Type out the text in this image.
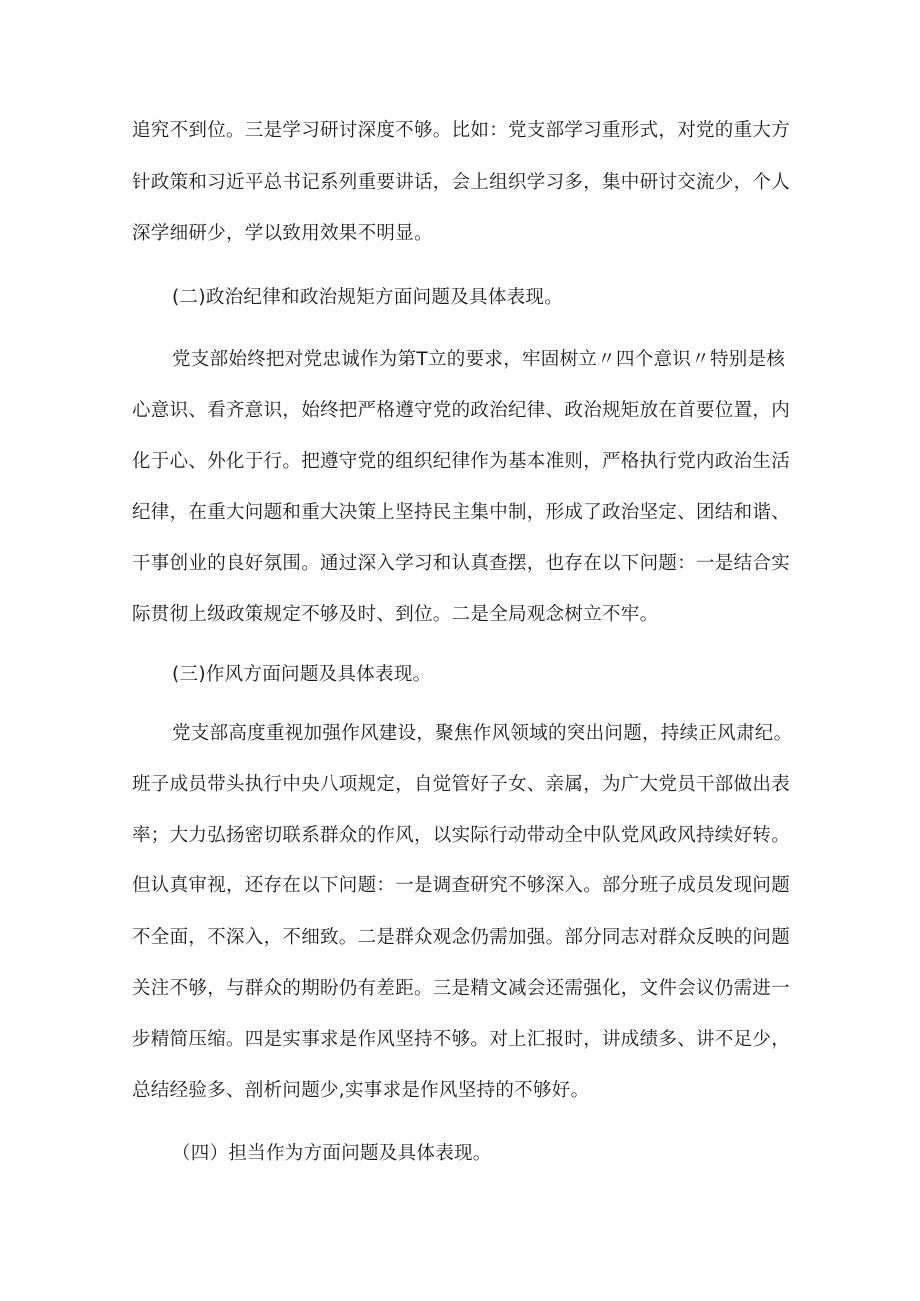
追究不到位。三是学习研讨深度不够。比如：党支部学习重形式，对党的重大方
针政策和习近平总书记系列重要讲话，会上组织学习多，集中研讨交流少，个人
深学细研少，学以致用效果不明显。
(二)政治纪律和政治规矩方面问题及具体表现。
党支部始终把对党忠诚作为第T立的要求，牢固树立〃四个意识〃特别是核
心意识、看齐意识，始终把严格遵守党的政治纪律、政治规矩放在首要位置，内
化于心、外化于行。把遵守党的组织纪律作为基本准则，严格执行党内政治生活
纪律，在重大问题和重大决策上坚持民主集中制，形成了政治坚定、团结和谐、
干事创业的良好氛围。通过深入学习和认真查摆，也存在以下问题：一是结合实
际贯彻上级政策规定不够及时、到位。二是全局观念树立不牢。
(三)作风方面问题及具体表现。
党支部高度重视加强作风建设，聚焦作风领域的突出问题，持续正风肃纪。
班子成员带头执行中央八项规定，自觉管好子女、亲属，为广大党员干部做出表
率；大力弘扬密切联系群众的作风，以实际行动带动全中队党风政风持续好转。
但认真审视，还存在以下问题：一是调查研究不够深入。部分班子成员发现问题
不全面，不深入，不细致。二是群众观念仍需加强。部分同志对群众反映的问题
关注不够，与群众的期盼仍有差距。三是精文减会还需强化，文件会议仍需进一
步精简压缩。四是实事求是作风坚持不够。对上汇报时，讲成绩多、讲不足少，
总结经验多、剖析问题少,实事求是作风坚持的不够好。
（四）担当作为方面问题及具体表现。
